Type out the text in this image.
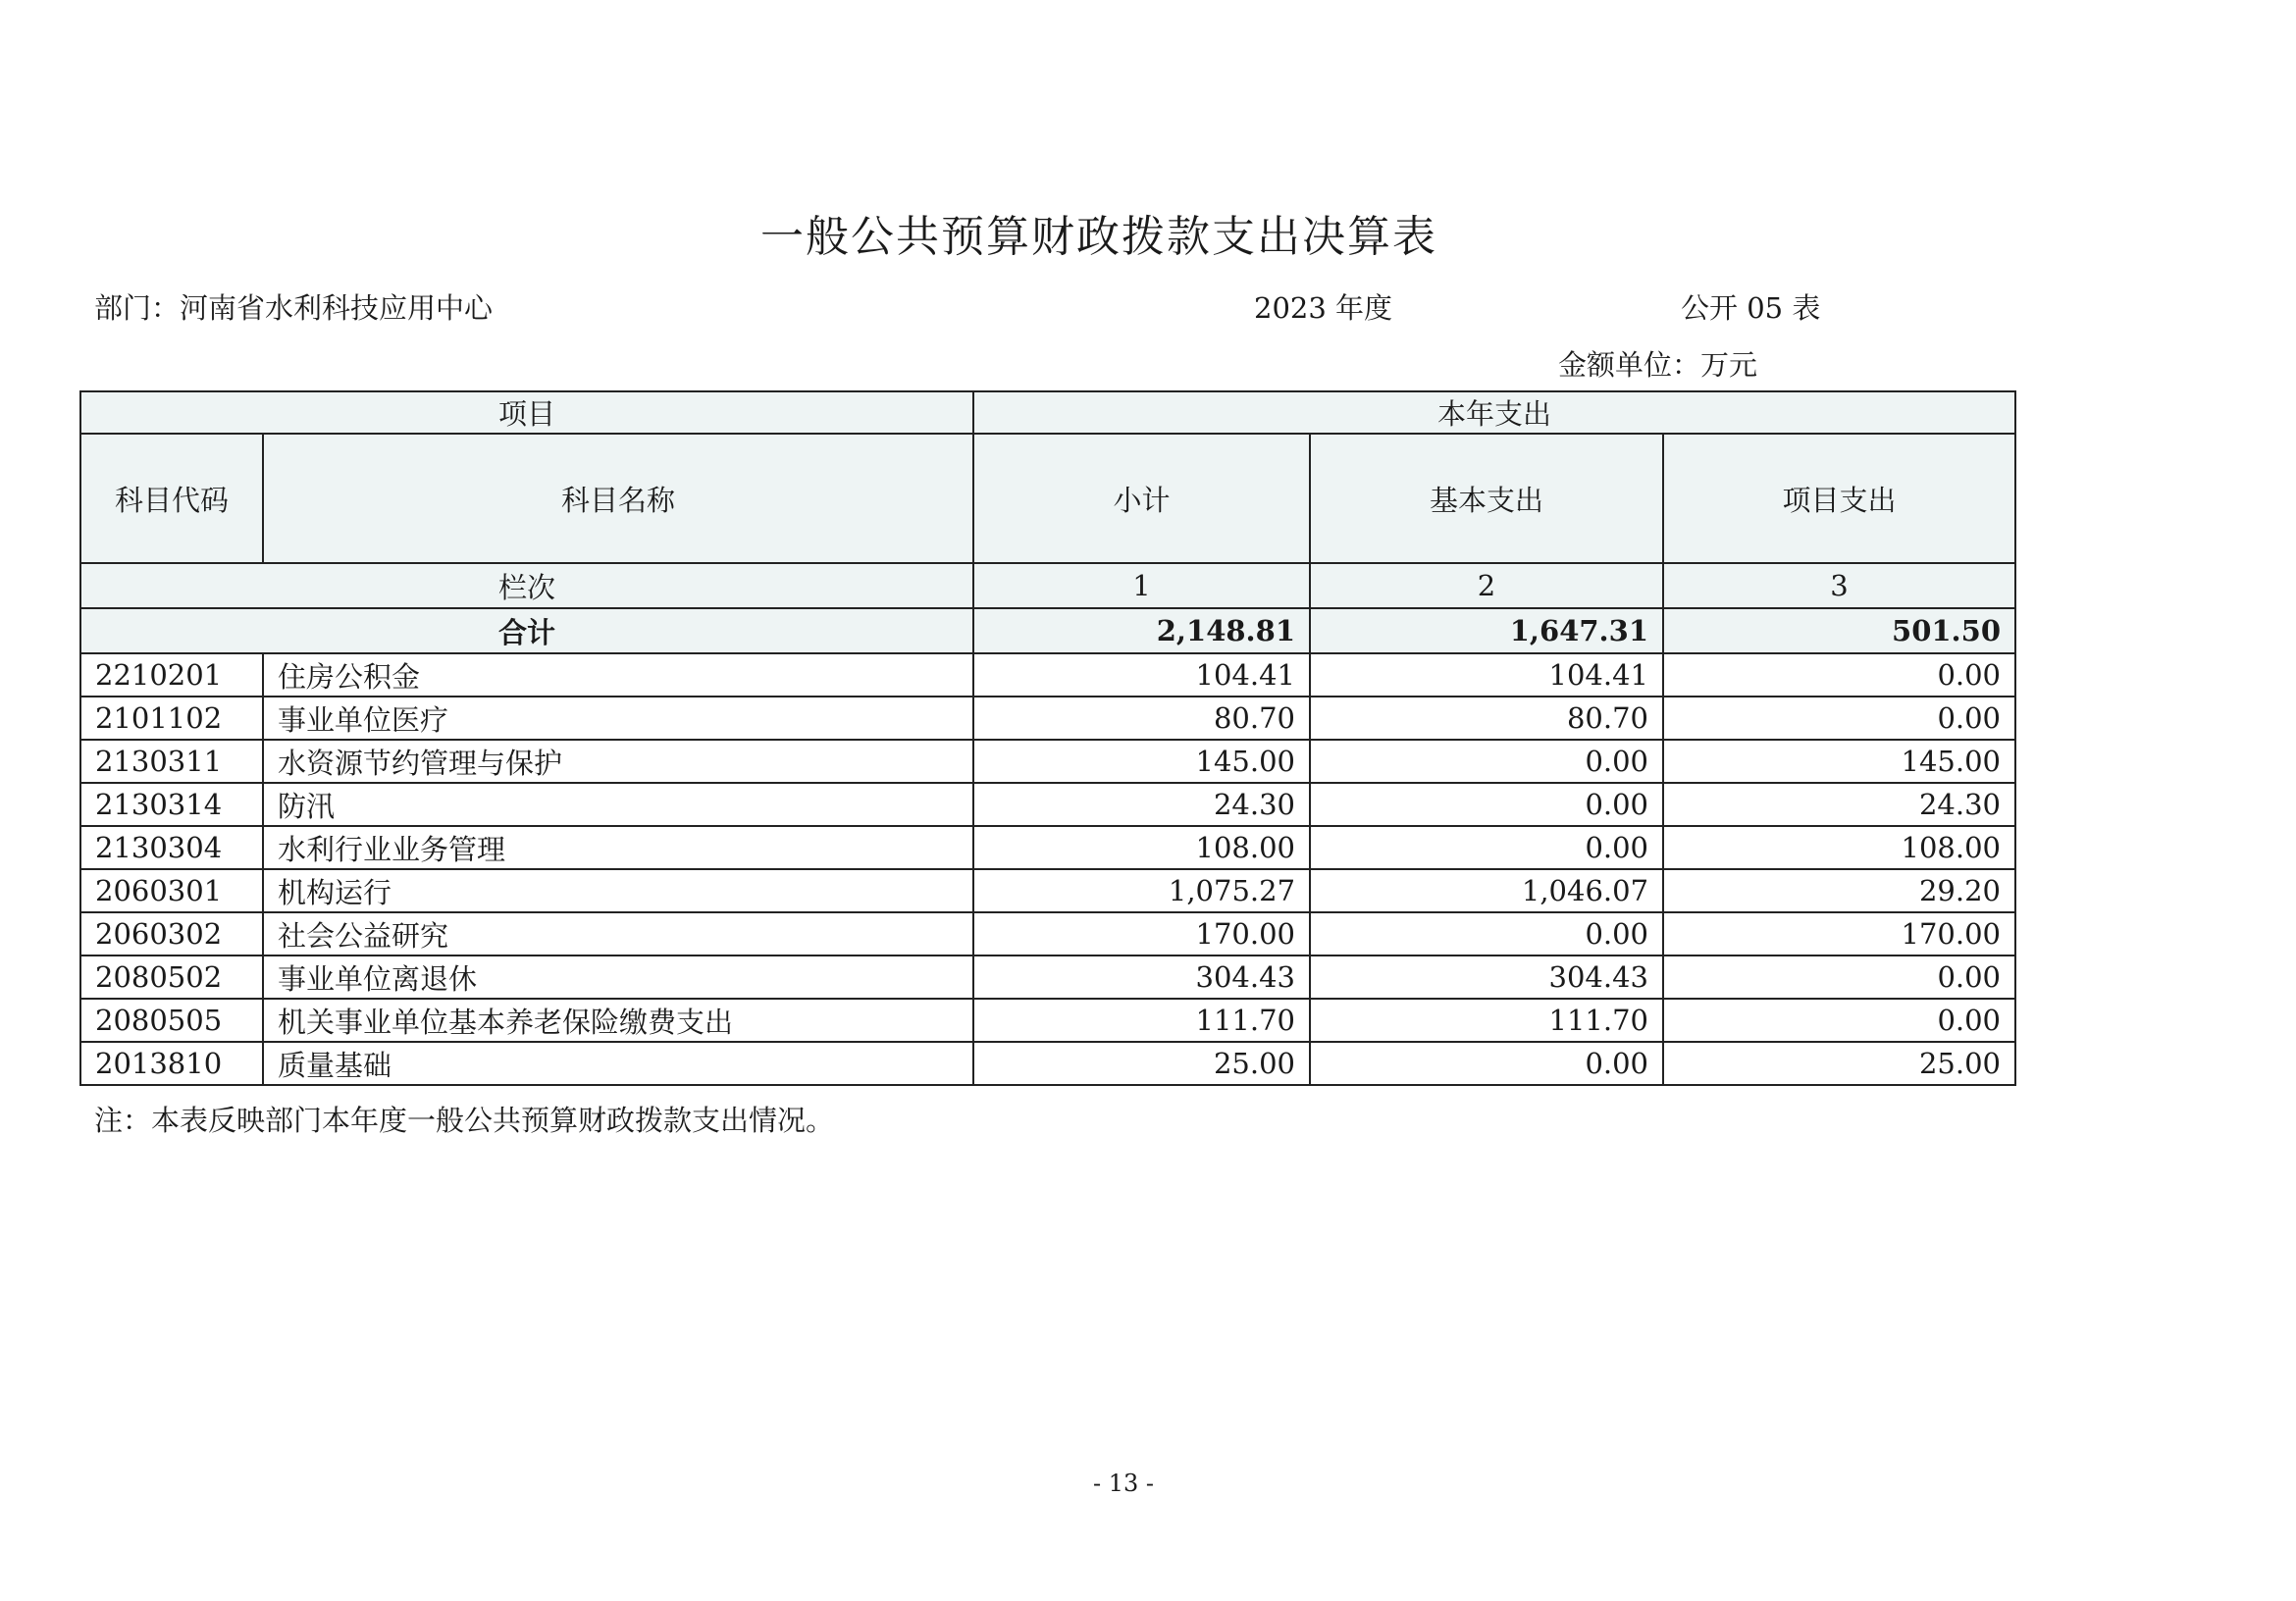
一般公共预算财政拨款支出决算表
部门：河南省水利科技应用中心	2023 年度	公开 05 表
金额单位：万元
项目		本年支出		
科目代码	科目名称	小计	基本支出	项目支出
栏次		1	2	3
合计		2,148.81	1,647.31	501.50
2210201	住房公积金	104.41	104.41	0.00
2101102	事业单位医疗	80.70	80.70	0.00
2130311	水资源节约管理与保护	145.00	0.00	145.00
2130314	防汛	24.30	0.00	24.30
2130304	水利行业业务管理	108.00	0.00	108.00
2060301	机构运行	1,075.27	1,046.07	29.20
2060302	社会公益研究	170.00	0.00	170.00
2080502	事业单位离退休	304.43	304.43	0.00
2080505	机关事业单位基本养老保险缴费支出	111.70	111.70	0.00
2013810	质量基础	25.00	0.00	25.00
注：本表反映部门本年度一般公共预算财政拨款支出情况。
- 13 -
